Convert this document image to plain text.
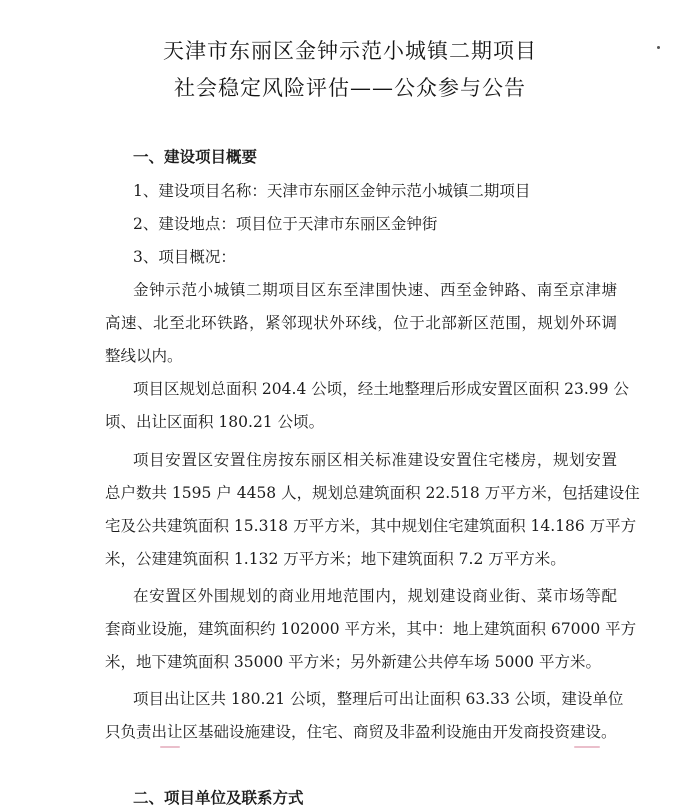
天津市东丽区金钟示范小城镇二期项目
社会稳定风险评估——公众参与公告
一、建设项目概要
1、建设项目名称：天津市东丽区金钟示范小城镇二期项目
2、建设地点：项目位于天津市东丽区金钟街
3、项目概况：
金钟示范小城镇二期项目区东至津围快速、西至金钟路、南至京津塘
高速、北至北环铁路，紧邻现状外环线，位于北部新区范围，规划外环调
整线以内。
项目区规划总面积 204.4 公顷，经土地整理后形成安置区面积 23.99 公
顷、出让区面积 180.21 公顷。
项目安置区安置住房按东丽区相关标准建设安置住宅楼房，规划安置
总户数共 1595 户 4458 人，规划总建筑面积 22.518 万平方米，包括建设住
宅及公共建筑面积 15.318 万平方米，其中规划住宅建筑面积 14.186 万平方
米，公建建筑面积 1.132 万平方米；地下建筑面积 7.2 万平方米。
在安置区外围规划的商业用地范围内，规划建设商业街、菜市场等配
套商业设施，建筑面积约 102000 平方米，其中：地上建筑面积 67000 平方
米，地下建筑面积 35000 平方米；另外新建公共停车场 5000 平方米。
项目出让区共 180.21 公顷，整理后可出让面积 63.33 公顷，建设单位
只负责出让区基础设施建设，住宅、商贸及非盈利设施由开发商投资建设。
二、项目单位及联系方式
